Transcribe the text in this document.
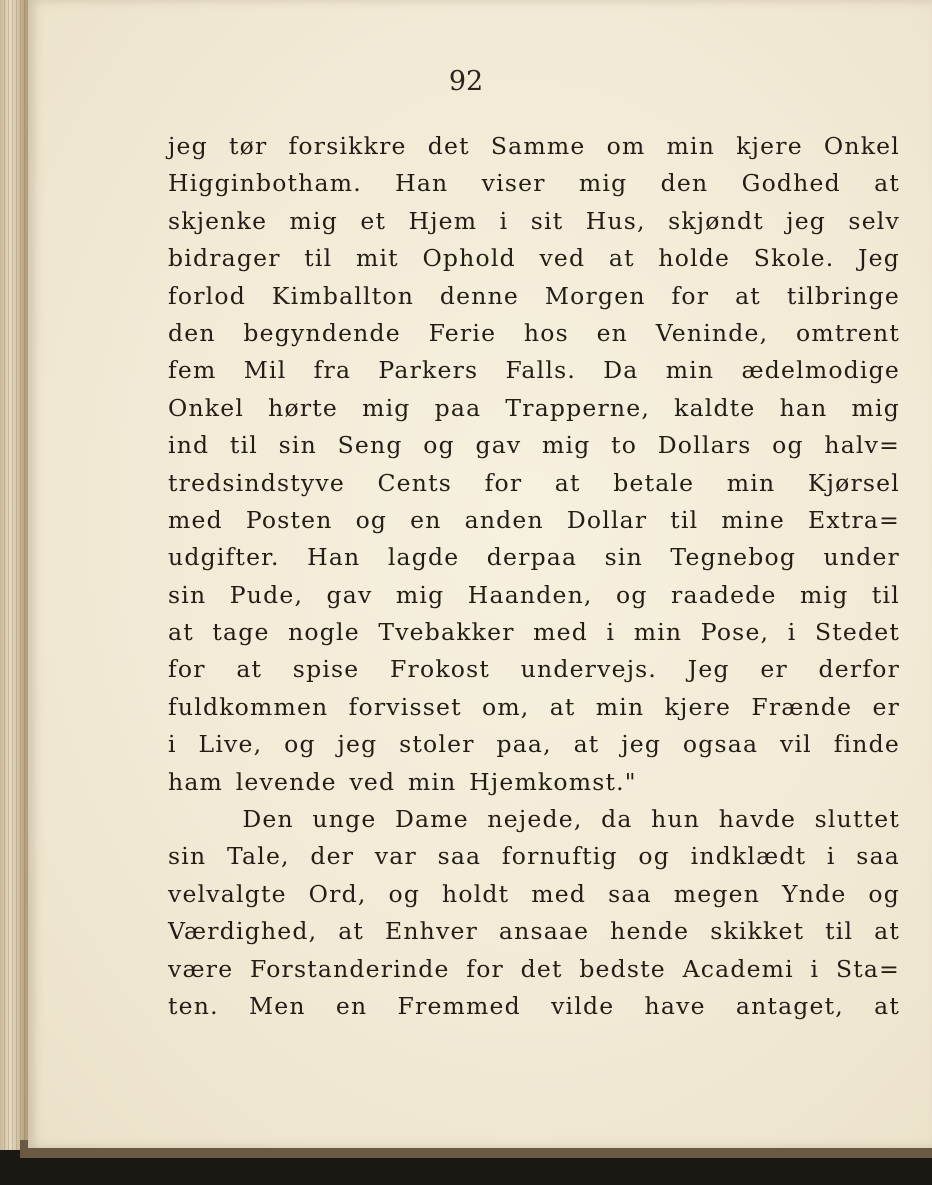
92
jeg tør forsikkre det Samme om min kjere Onkel
Higginbotham. Han viser mig den Godhed at
skjenke mig et Hjem i sit Hus, skjøndt jeg selv
bidrager til mit Ophold ved at holde Skole. Jeg
forlod Kimballton denne Morgen for at tilbringe
den begyndende Ferie hos en Veninde, omtrent
fem Mil fra Parkers Falls. Da min ædelmodige
Onkel hørte mig paa Trapperne, kaldte han mig
ind til sin Seng og gav mig to Dollars og halv=
tredsindstyve Cents for at betale min Kjørsel
med Posten og en anden Dollar til mine Extra=
udgifter. Han lagde derpaa sin Tegnebog under
sin Pude, gav mig Haanden, og raadede mig til
at tage nogle Tvebakker med i min Pose, i Stedet
for at spise Frokost undervejs. Jeg er derfor
fuldkommen forvisset om, at min kjere Frænde er
i Live, og jeg stoler paa, at jeg ogsaa vil finde
ham levende ved min Hjemkomst."
Den unge Dame nejede, da hun havde sluttet
sin Tale, der var saa fornuftig og indklædt i saa
velvalgte Ord, og holdt med saa megen Ynde og
Værdighed, at Enhver ansaae hende skikket til at
være Forstanderinde for det bedste Academi i Sta=
ten. Men en Fremmed vilde have antaget, at
